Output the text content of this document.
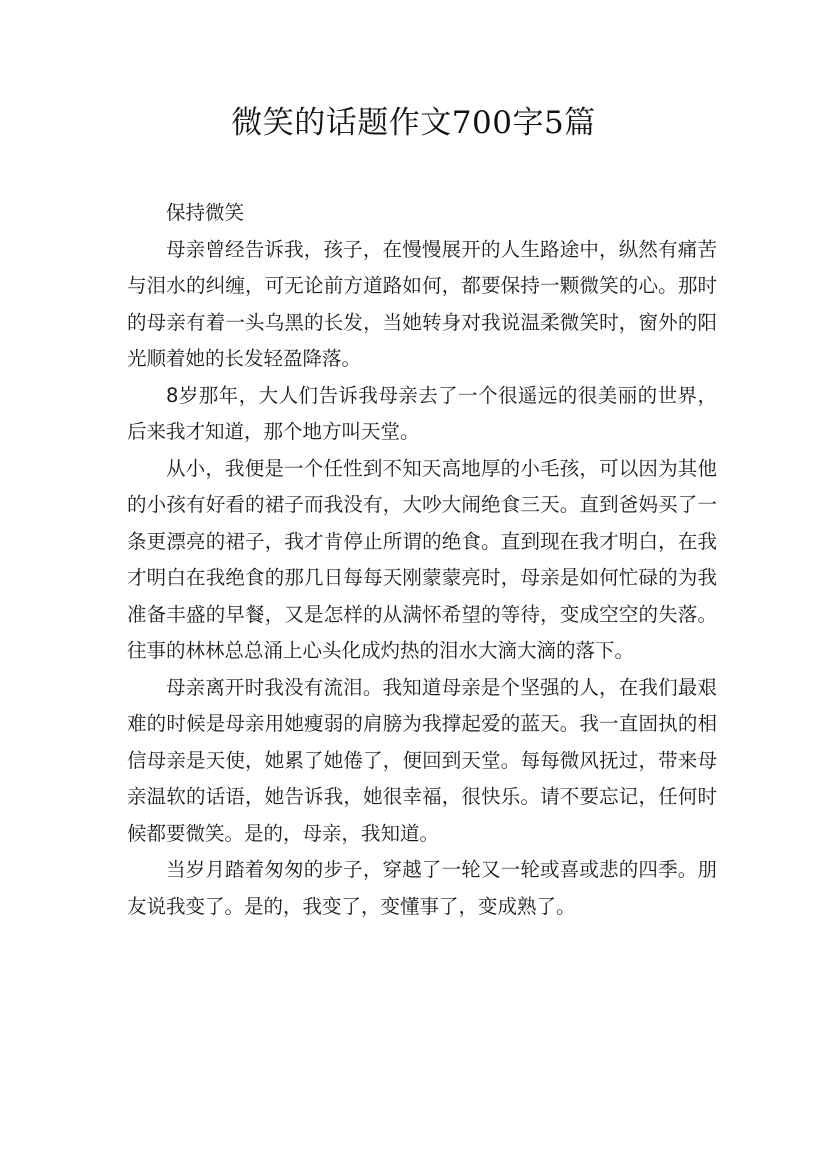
微笑的话题作文700字5篇

保持微笑

母亲曾经告诉我，孩子，在慢慢展开的人生路途中，纵然有痛苦与泪水的纠缠，可无论前方道路如何，都要保持一颗微笑的心。那时的母亲有着一头乌黑的长发，当她转身对我说温柔微笑时，窗外的阳光顺着她的长发轻盈降落。

8岁那年，大人们告诉我母亲去了一个很遥远的很美丽的世界，后来我才知道，那个地方叫天堂。

从小，我便是一个任性到不知天高地厚的小毛孩，可以因为其他的小孩有好看的裙子而我没有，大吵大闹绝食三天。直到爸妈买了一条更漂亮的裙子，我才肯停止所谓的绝食。直到现在我才明白，在我才明白在我绝食的那几日每每天刚蒙蒙亮时，母亲是如何忙碌的为我准备丰盛的早餐，又是怎样的从满怀希望的等待，变成空空的失落。往事的林林总总涌上心头化成灼热的泪水大滴大滴的落下。

母亲离开时我没有流泪。我知道母亲是个坚强的人，在我们最艰难的时候是母亲用她瘦弱的肩膀为我撑起爱的蓝天。我一直固执的相信母亲是天使，她累了她倦了，便回到天堂。每每微风抚过，带来母亲温软的话语，她告诉我，她很幸福，很快乐。请不要忘记，任何时候都要微笑。是的，母亲，我知道。

当岁月踏着匆匆的步子，穿越了一轮又一轮或喜或悲的四季。朋友说我变了。是的，我变了，变懂事了，变成熟了。
